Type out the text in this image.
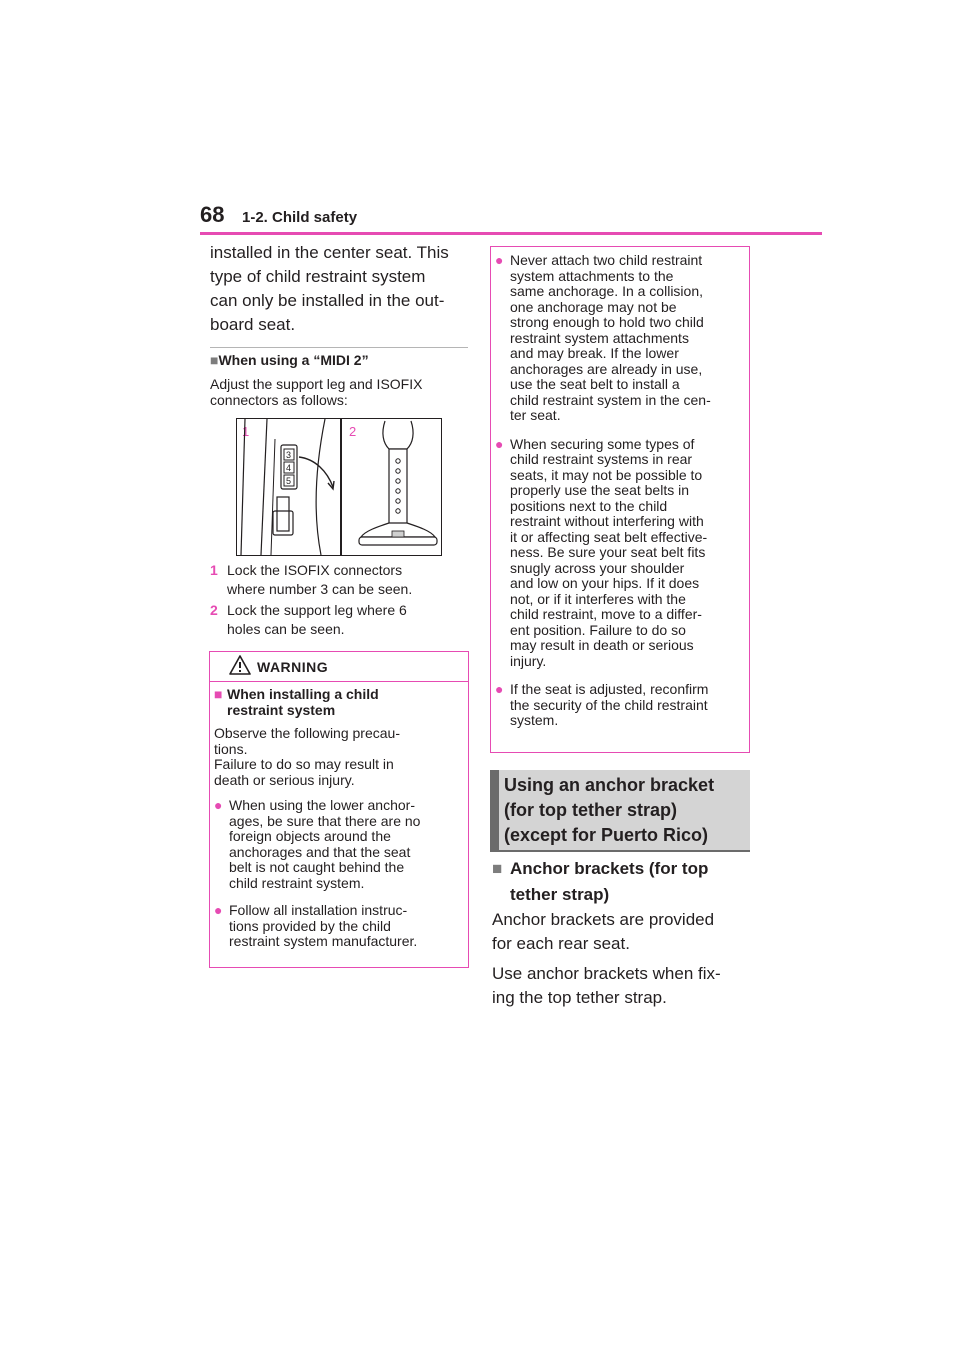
68 1-2. Child safety
installed in the center seat. This
type of child restraint system
can only be installed in the out-
board seat.
■When using a “MIDI 2”
Adjust the support leg and ISOFIX
connectors as follows:
1
3
4
5
2
1 Lock the ISOFIX connectors
where number 3 can be seen.
2 Lock the support leg where 6
holes can be seen.
WARNING
■ When installing a child
restraint system
Observe the following precau-
tions.
Failure to do so may result in
death or serious injury.
● When using the lower anchor-
ages, be sure that there are no
foreign objects around the
anchorages and that the seat
belt is not caught behind the
child restraint system.
● Follow all installation instruc-
tions provided by the child
restraint system manufacturer.
● Never attach two child restraint
system attachments to the
same anchorage. In a collision,
one anchorage may not be
strong enough to hold two child
restraint system attachments
and may break. If the lower
anchorages are already in use,
use the seat belt to install a
child restraint system in the cen-
ter seat.
● When securing some types of
child restraint systems in rear
seats, it may not be possible to
properly use the seat belts in
positions next to the child
restraint without interfering with
it or affecting seat belt effective-
ness. Be sure your seat belt fits
snugly across your shoulder
and low on your hips. If it does
not, or if it interferes with the
child restraint, move to a differ-
ent position. Failure to do so
may result in death or serious
injury.
● If the seat is adjusted, reconfirm
the security of the child restraint
system.
Using an anchor bracket
(for top tether strap)
(except for Puerto Rico)
■ Anchor brackets (for top
tether strap)
Anchor brackets are provided
for each rear seat.
Use anchor brackets when fix-
ing the top tether strap.
